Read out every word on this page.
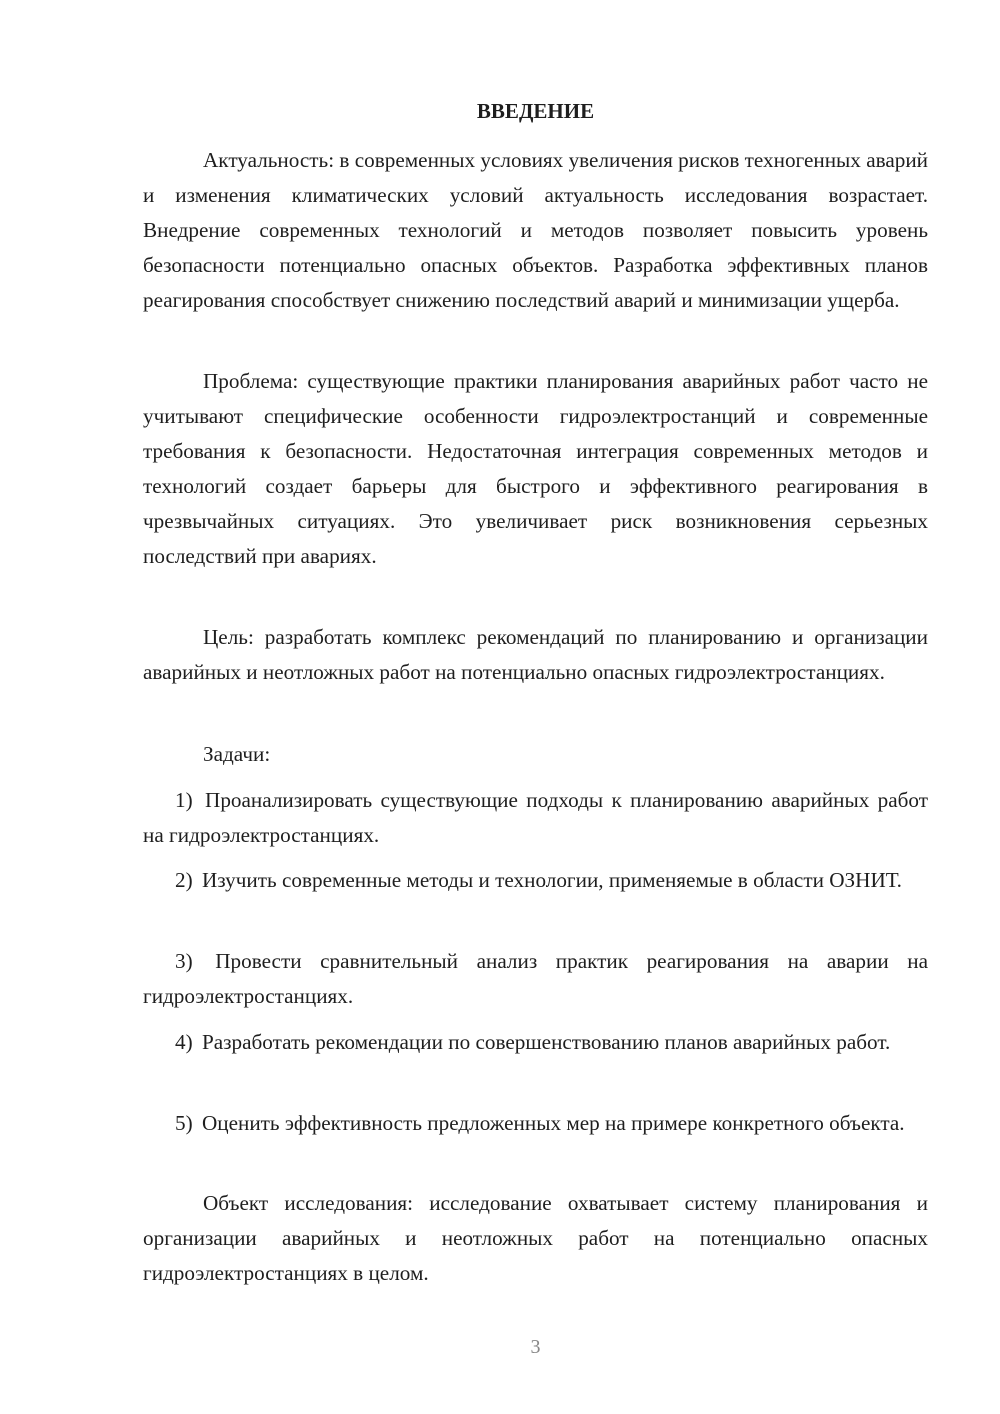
ВВЕДЕНИЕ

Актуальность: в современных условиях увеличения рисков техногенных аварий и изменения климатических условий актуальность исследования возрастает. Внедрение современных технологий и методов позволяет повысить уровень безопасности потенциально опасных объектов. Разработка эффективных планов реагирования способствует снижению последствий аварий и минимизации ущерба.

Проблема: существующие практики планирования аварийных работ часто не учитывают специфические особенности гидроэлектростанций и современные требования к безопасности. Недостаточная интеграция современных методов и технологий создает барьеры для быстрого и эффективного реагирования в чрезвычайных ситуациях. Это увеличивает риск возникновения серьезных последствий при авариях.

Цель: разработать комплекс рекомендаций по планированию и организации аварийных и неотложных работ на потенциально опасных гидроэлектростанциях.

Задачи:

1) Проанализировать существующие подходы к планированию аварийных работ на гидроэлектростанциях.

2) Изучить современные методы и технологии, применяемые в области ОЗНИТ.

3) Провести сравнительный анализ практик реагирования на аварии на гидроэлектростанциях.

4) Разработать рекомендации по совершенствованию планов аварийных работ.

5) Оценить эффективность предложенных мер на примере конкретного объекта.

Объект исследования: исследование охватывает систему планирования и организации аварийных и неотложных работ на потенциально опасных гидроэлектростанциях в целом.

3
